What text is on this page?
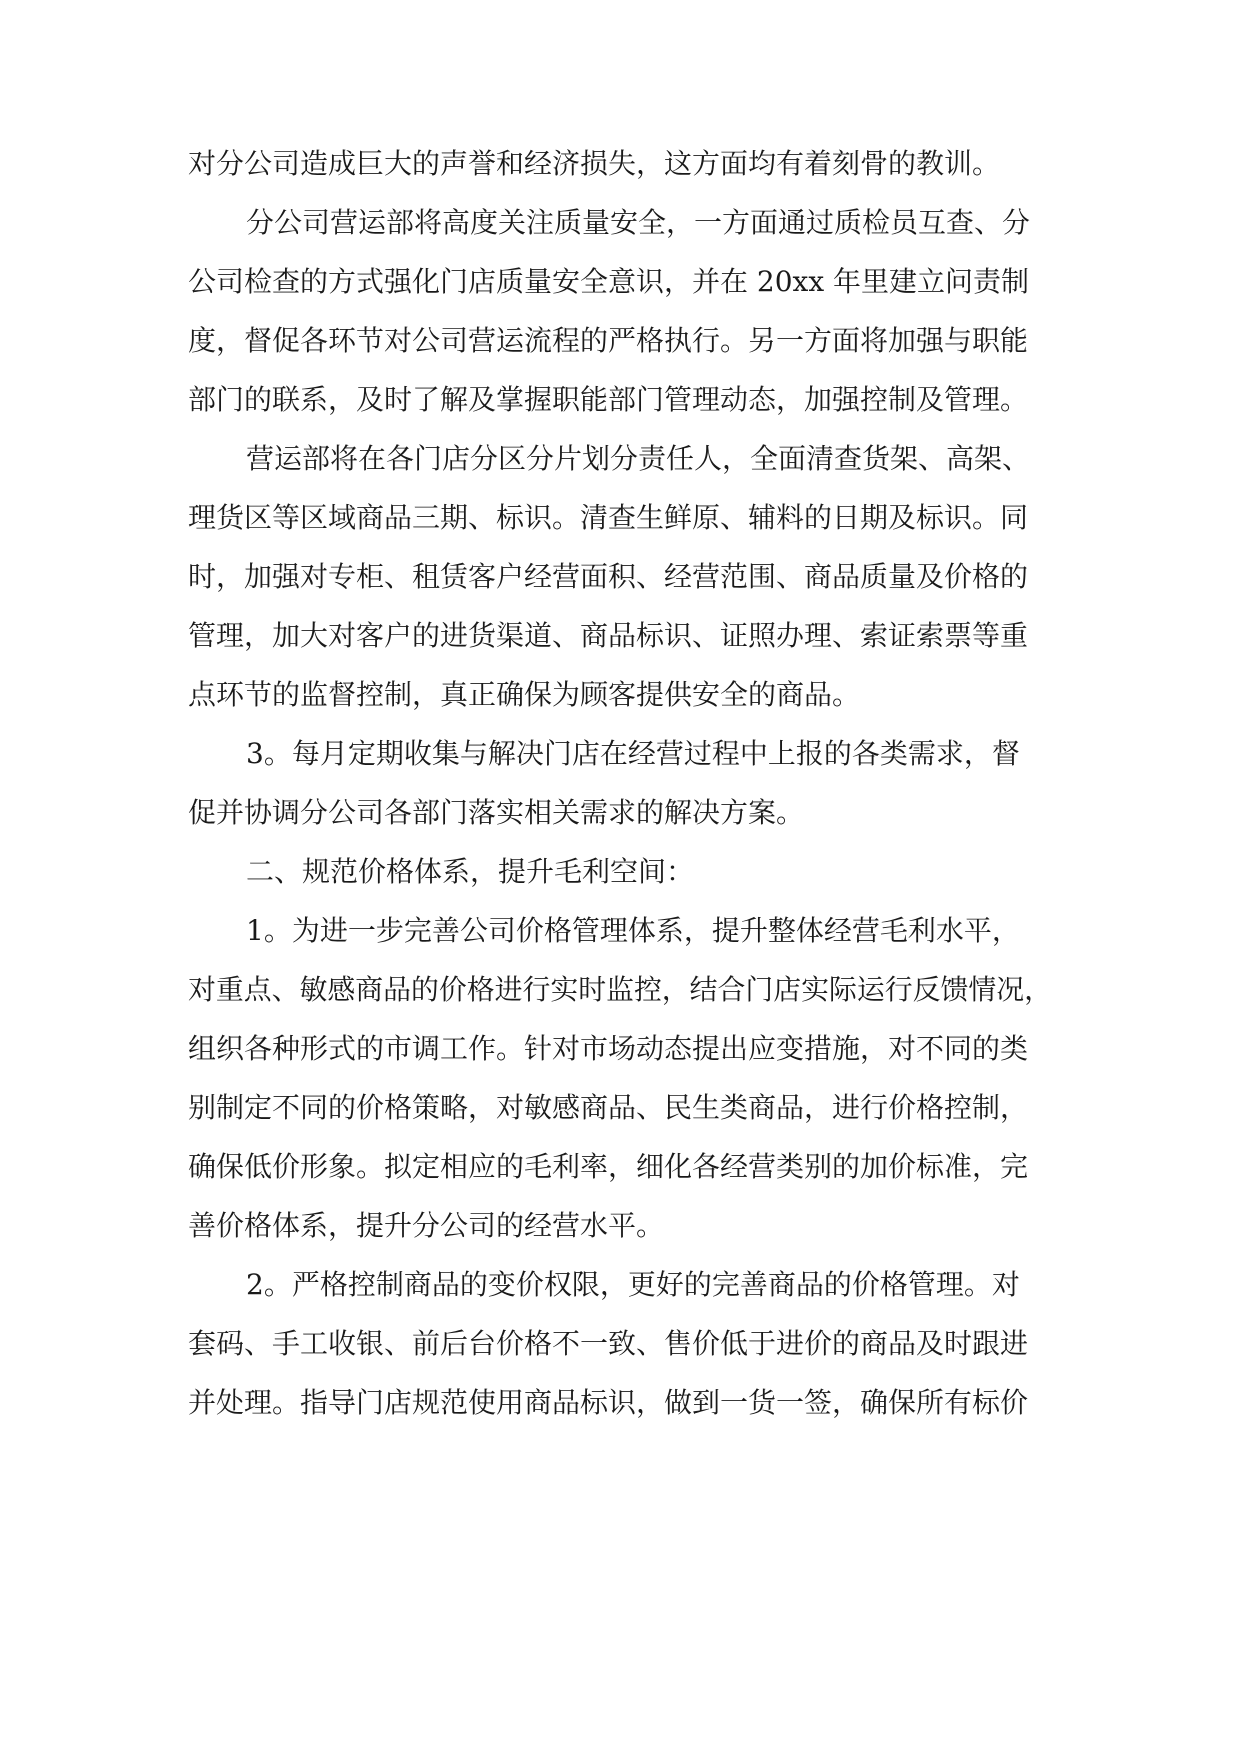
对分公司造成巨大的声誉和经济损失，这方面均有着刻骨的教训。

分公司营运部将高度关注质量安全，一方面通过质检员互查、分

公司检查的方式强化门店质量安全意识，并在 20xx 年里建立问责制

度，督促各环节对公司营运流程的严格执行。另一方面将加强与职能

部门的联系，及时了解及掌握职能部门管理动态，加强控制及管理。

营运部将在各门店分区分片划分责任人，全面清查货架、高架、

理货区等区域商品三期、标识。清查生鲜原、辅料的日期及标识。同

时，加强对专柜、租赁客户经营面积、经营范围、商品质量及价格的

管理，加大对客户的进货渠道、商品标识、证照办理、索证索票等重

点环节的监督控制，真正确保为顾客提供安全的商品。

3。每月定期收集与解决门店在经营过程中上报的各类需求，督

促并协调分公司各部门落实相关需求的解决方案。

二、规范价格体系，提升毛利空间：

1。为进一步完善公司价格管理体系，提升整体经营毛利水平，

对重点、敏感商品的价格进行实时监控，结合门店实际运行反馈情况，

组织各种形式的市调工作。针对市场动态提出应变措施，对不同的类

别制定不同的价格策略，对敏感商品、民生类商品，进行价格控制，

确保低价形象。拟定相应的毛利率，细化各经营类别的加价标准，完

善价格体系，提升分公司的经营水平。

2。严格控制商品的变价权限，更好的完善商品的价格管理。对

套码、手工收银、前后台价格不一致、售价低于进价的商品及时跟进

并处理。指导门店规范使用商品标识，做到一货一签，确保所有标价
